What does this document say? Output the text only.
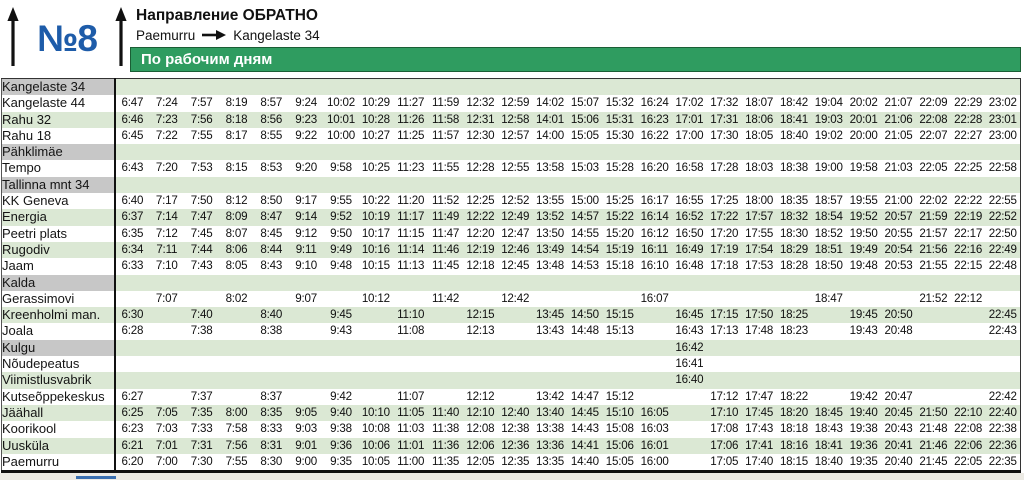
№8
Направление ОБРАТНО
Paemurru	Kangelaste 34
По рабочим дням
Kangelaste 34																										
Kangelaste 44	6:47	7:24	7:57	8:19	8:57	9:24	10:02	10:29	11:27	11:59	12:32	12:59	14:02	15:07	15:32	16:24	17:02	17:32	18:07	18:42	19:04	20:02	21:07	22:09	22:29	23:02
Rahu 32	6:46	7:23	7:56	8:18	8:56	9:23	10:01	10:28	11:26	11:58	12:31	12:58	14:01	15:06	15:31	16:23	17:01	17:31	18:06	18:41	19:03	20:01	21:06	22:08	22:28	23:01
Rahu 18	6:45	7:22	7:55	8:17	8:55	9:22	10:00	10:27	11:25	11:57	12:30	12:57	14:00	15:05	15:30	16:22	17:00	17:30	18:05	18:40	19:02	20:00	21:05	22:07	22:27	23:00
Pähklimäe																										
Tempo	6:43	7:20	7:53	8:15	8:53	9:20	9:58	10:25	11:23	11:55	12:28	12:55	13:58	15:03	15:28	16:20	16:58	17:28	18:03	18:38	19:00	19:58	21:03	22:05	22:25	22:58
Tallinna mnt 34																										
KK Geneva	6:40	7:17	7:50	8:12	8:50	9:17	9:55	10:22	11:20	11:52	12:25	12:52	13:55	15:00	15:25	16:17	16:55	17:25	18:00	18:35	18:57	19:55	21:00	22:02	22:22	22:55
Energia	6:37	7:14	7:47	8:09	8:47	9:14	9:52	10:19	11:17	11:49	12:22	12:49	13:52	14:57	15:22	16:14	16:52	17:22	17:57	18:32	18:54	19:52	20:57	21:59	22:19	22:52
Peetri plats	6:35	7:12	7:45	8:07	8:45	9:12	9:50	10:17	11:15	11:47	12:20	12:47	13:50	14:55	15:20	16:12	16:50	17:20	17:55	18:30	18:52	19:50	20:55	21:57	22:17	22:50
Rugodiv	6:34	7:11	7:44	8:06	8:44	9:11	9:49	10:16	11:14	11:46	12:19	12:46	13:49	14:54	15:19	16:11	16:49	17:19	17:54	18:29	18:51	19:49	20:54	21:56	22:16	22:49
Jaam	6:33	7:10	7:43	8:05	8:43	9:10	9:48	10:15	11:13	11:45	12:18	12:45	13:48	14:53	15:18	16:10	16:48	17:18	17:53	18:28	18:50	19:48	20:53	21:55	22:15	22:48
Kalda																										
Gerassimovi		7:07		8:02		9:07		10:12		11:42		12:42				16:07					18:47			21:52	22:12	
Kreenholmi man.	6:30		7:40		8:40		9:45		11:10		12:15		13:45	14:50	15:15		16:45	17:15	17:50	18:25		19:45	20:50			22:45
Joala	6:28		7:38		8:38		9:43		11:08		12:13		13:43	14:48	15:13		16:43	17:13	17:48	18:23		19:43	20:48			22:43
Kulgu																	16:42									
Nõudepeatus																	16:41									
Viimistlusvabrik																	16:40									
Kutseõppekeskus	6:27		7:37		8:37		9:42		11:07		12:12		13:42	14:47	15:12			17:12	17:47	18:22		19:42	20:47			22:42
Jäähall	6:25	7:05	7:35	8:00	8:35	9:05	9:40	10:10	11:05	11:40	12:10	12:40	13:40	14:45	15:10	16:05		17:10	17:45	18:20	18:45	19:40	20:45	21:50	22:10	22:40
Koorikool	6:23	7:03	7:33	7:58	8:33	9:03	9:38	10:08	11:03	11:38	12:08	12:38	13:38	14:43	15:08	16:03		17:08	17:43	18:18	18:43	19:38	20:43	21:48	22:08	22:38
Uusküla	6:21	7:01	7:31	7:56	8:31	9:01	9:36	10:06	11:01	11:36	12:06	12:36	13:36	14:41	15:06	16:01		17:06	17:41	18:16	18:41	19:36	20:41	21:46	22:06	22:36
Paemurru	6:20	7:00	7:30	7:55	8:30	9:00	9:35	10:05	11:00	11:35	12:05	12:35	13:35	14:40	15:05	16:00		17:05	17:40	18:15	18:40	19:35	20:40	21:45	22:05	22:35
